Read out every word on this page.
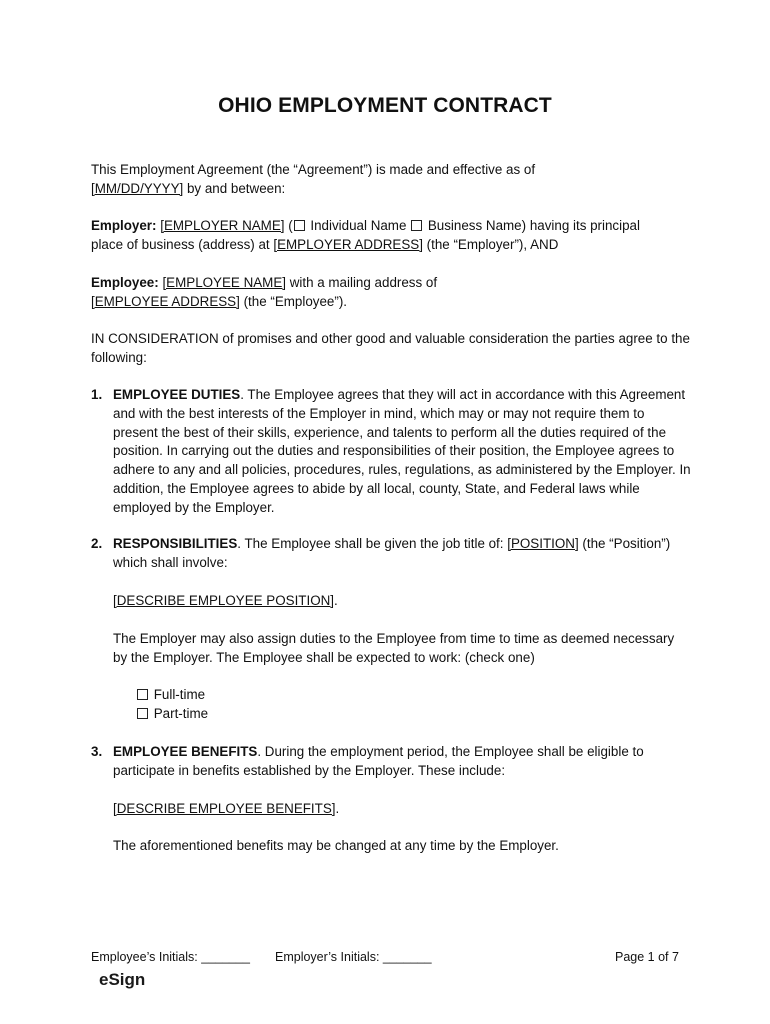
OHIO EMPLOYMENT CONTRACT
This Employment Agreement (the “Agreement”) is made and effective as of
[MM/DD/YYYY] by and between:
Employer: [EMPLOYER NAME] ( Individual Name  Business Name) having its principal
place of business (address) at [EMPLOYER ADDRESS] (the “Employer”), AND
Employee: [EMPLOYEE NAME] with a mailing address of
[EMPLOYEE ADDRESS] (the “Employee”).
IN CONSIDERATION of promises and other good and valuable consideration the parties agree to the following:
1. EMPLOYEE DUTIES. The Employee agrees that they will act in accordance with this Agreement and with the best interests of the Employer in mind, which may or may not require them to present the best of their skills, experience, and talents to perform all the duties required of the position. In carrying out the duties and responsibilities of their position, the Employee agrees to adhere to any and all policies, procedures, rules, regulations, as administered by the Employer. In addition, the Employee agrees to abide by all local, county, State, and Federal laws while employed by the Employer.
2. RESPONSIBILITIES. The Employee shall be given the job title of: [POSITION] (the “Position”) which shall involve:
[DESCRIBE EMPLOYEE POSITION].
The Employer may also assign duties to the Employee from time to time as deemed necessary by the Employer. The Employee shall be expected to work: (check one)
Full-time
Part-time
3. EMPLOYEE BENEFITS. During the employment period, the Employee shall be eligible to participate in benefits established by the Employer. These include:
[DESCRIBE EMPLOYEE BENEFITS].
The aforementioned benefits may be changed at any time by the Employer.
Employee’s Initials: _______ Employer’s Initials: _______	Page 1 of 7
eSign
